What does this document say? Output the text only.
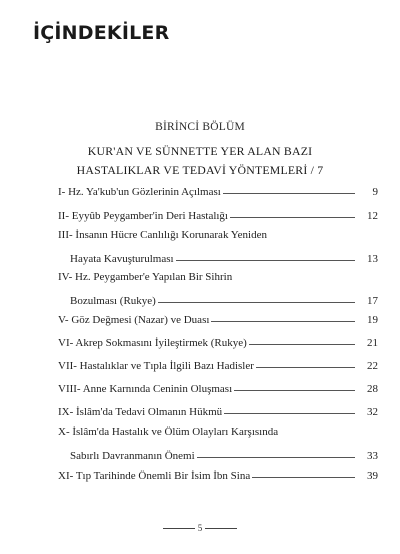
İÇİNDEKİLER
BİRİNCİ BÖLÜM
KUR'AN VE SÜNNETTE YER ALAN BAZI
HASTALIKLAR VE TEDAVİ YÖNTEMLERİ / 7
I- Hz. Ya'kub'un Gözlerinin Açılması	9
II- Eyyûb Peygamber'in Deri Hastalığı	12
III- İnsanın Hücre Canlılığı Korunarak Yeniden
Hayata Kavuşturulması	13
IV- Hz. Peygamber'e Yapılan Bir Sihrin
Bozulması (Rukye)	17
V- Göz Değmesi (Nazar) ve Duası	19
VI- Akrep Sokmasını İyileştirmek (Rukye)	21
VII- Hastalıklar ve Tıpla İlgili Bazı Hadisler	22
VIII- Anne Karnında Ceninin Oluşması	28
IX- İslâm'da Tedavi Olmanın Hükmü	32
X- İslâm'da Hastalık ve Ölüm Olayları Karşısında
Sabırlı Davranmanın Önemi	33
XI- Tıp Tarihinde Önemli Bir İsim İbn Sina	39
5
